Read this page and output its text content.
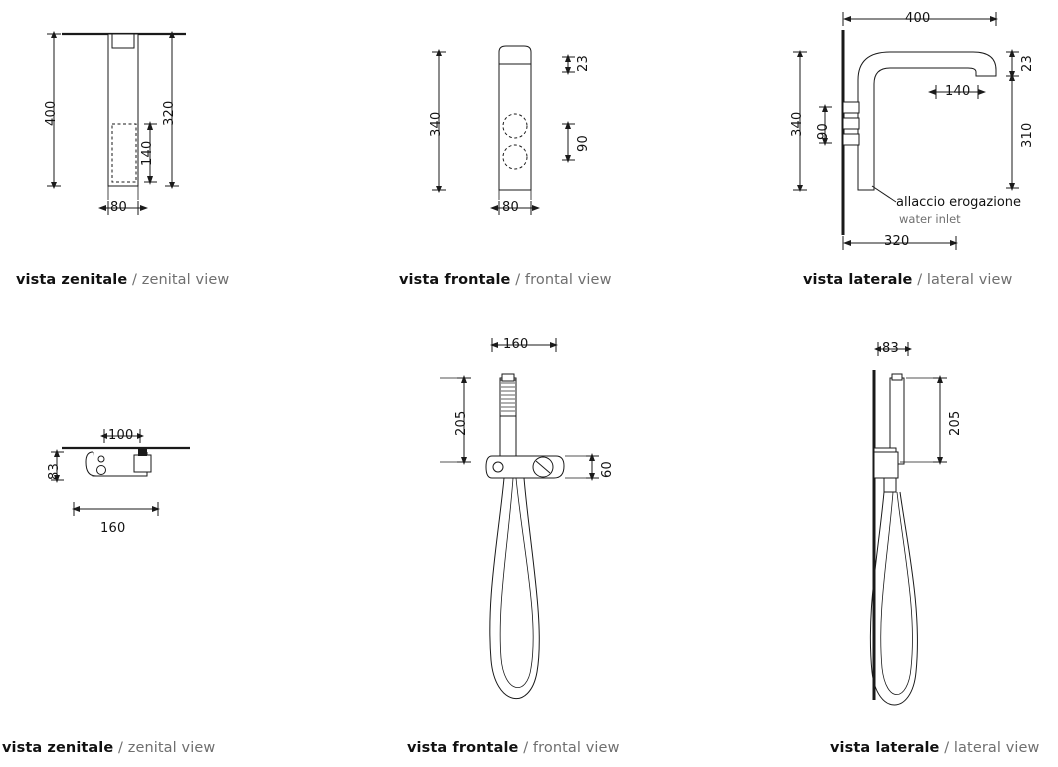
400	320
140
80
340
23
90
80
400
23
140
310
340 90
320
allaccio erogazione
water inlet
100
83
160
160
205
60
83
205
vista zenitale / zenital view	vista frontale / frontal view	vista laterale / lateral view
vista zenitale / zenital view	vista frontale / frontal view	vista laterale / lateral view
